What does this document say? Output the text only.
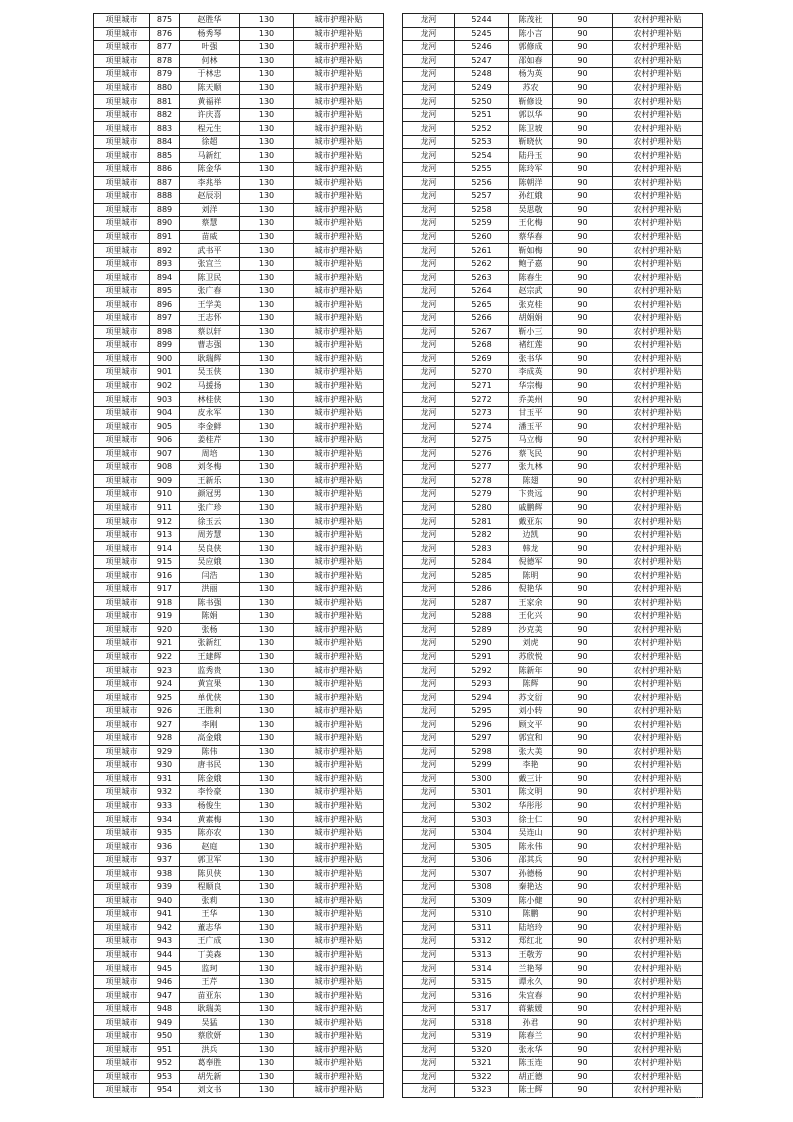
项里城市	875	赵胜华	130	城市护理补贴
项里城市	876	杨秀琴	130	城市护理补贴
项里城市	877	叶强	130	城市护理补贴
项里城市	878	何林	130	城市护理补贴
项里城市	879	于林忠	130	城市护理补贴
项里城市	880	陈天顺	130	城市护理补贴
项里城市	881	黄福祥	130	城市护理补贴
项里城市	882	许庆喜	130	城市护理补贴
项里城市	883	程元生	130	城市护理补贴
项里城市	884	徐超	130	城市护理补贴
项里城市	885	马新红	130	城市护理补贴
项里城市	886	陈金华	130	城市护理补贴
项里城市	887	李兆举	130	城市护理补贴
项里城市	888	赵辰羽	130	城市护理补贴
项里城市	889	刘洋	130	城市护理补贴
项里城市	890	蔡慧	130	城市护理补贴
项里城市	891	苗威	130	城市护理补贴
项里城市	892	武书平	130	城市护理补贴
项里城市	893	张宜兰	130	城市护理补贴
项里城市	894	陈卫民	130	城市护理补贴
项里城市	895	张广春	130	城市护理补贴
项里城市	896	王学美	130	城市护理补贴
项里城市	897	王志怀	130	城市护理补贴
项里城市	898	蔡以轩	130	城市护理补贴
项里城市	899	曹志强	130	城市护理补贴
项里城市	900	耿瑞辉	130	城市护理补贴
项里城市	901	吴玉侠	130	城市护理补贴
项里城市	902	马援扬	130	城市护理补贴
项里城市	903	林桂侠	130	城市护理补贴
项里城市	904	皮永军	130	城市护理补贴
项里城市	905	李金鲜	130	城市护理补贴
项里城市	906	姜桂芹	130	城市护理补贴
项里城市	907	周培	130	城市护理补贴
项里城市	908	刘冬梅	130	城市护理补贴
项里城市	909	王新乐	130	城市护理补贴
项里城市	910	颜冠男	130	城市护理补贴
项里城市	911	张广珍	130	城市护理补贴
项里城市	912	徐玉云	130	城市护理补贴
项里城市	913	周芳慧	130	城市护理补贴
项里城市	914	吴良侠	130	城市护理补贴
项里城市	915	吴应娥	130	城市护理补贴
项里城市	916	闫浩	130	城市护理补贴
项里城市	917	洪丽	130	城市护理补贴
项里城市	918	陈书强	130	城市护理补贴
项里城市	919	陈娟	130	城市护理补贴
项里城市	920	张杨	130	城市护理补贴
项里城市	921	张新红	130	城市护理补贴
项里城市	922	王建辉	130	城市护理补贴
项里城市	923	监秀贵	130	城市护理补贴
项里城市	924	黄宜果	130	城市护理补贴
项里城市	925	单优侠	130	城市护理补贴
项里城市	926	王胜利	130	城市护理补贴
项里城市	927	李刚	130	城市护理补贴
项里城市	928	高金娥	130	城市护理补贴
项里城市	929	陈伟	130	城市护理补贴
项里城市	930	唐书民	130	城市护理补贴
项里城市	931	陈金娥	130	城市护理补贴
项里城市	932	李怜豪	130	城市护理补贴
项里城市	933	杨俊生	130	城市护理补贴
项里城市	934	黄素梅	130	城市护理补贴
项里城市	935	陈亦农	130	城市护理补贴
项里城市	936	赵庭	130	城市护理补贴
项里城市	937	郭卫军	130	城市护理补贴
项里城市	938	陈贝侠	130	城市护理补贴
项里城市	939	程顺良	130	城市护理补贴
项里城市	940	张莉	130	城市护理补贴
项里城市	941	王华	130	城市护理补贴
项里城市	942	董志华	130	城市护理补贴
项里城市	943	王广成	130	城市护理补贴
项里城市	944	丁美森	130	城市护理补贴
项里城市	945	监珂	130	城市护理补贴
项里城市	946	王芹	130	城市护理补贴
项里城市	947	苗亚东	130	城市护理补贴
项里城市	948	耿瑞美	130	城市护理补贴
项里城市	949	吴猛	130	城市护理补贴
项里城市	950	蔡欣妍	130	城市护理补贴
项里城市	951	洪兵	130	城市护理补贴
项里城市	952	葛奉胜	130	城市护理补贴
项里城市	953	胡先新	130	城市护理补贴
项里城市	954	刘文书	130	城市护理补贴
龙河	5244	陈茂社	90	农村护理补贴
龙河	5245	陈小言	90	农村护理补贴
龙河	5246	郭修成	90	农村护理补贴
龙河	5247	邵如春	90	农村护理补贴
龙河	5248	杨为英	90	农村护理补贴
龙河	5249	苏农	90	农村护理补贴
龙河	5250	靳修设	90	农村护理补贴
龙河	5251	郭以华	90	农村护理补贴
龙河	5252	陈卫坡	90	农村护理补贴
龙河	5253	靳晓伙	90	农村护理补贴
龙河	5254	陆丹玉	90	农村护理补贴
龙河	5255	陈玲军	90	农村护理补贴
龙河	5256	陈朝洋	90	农村护理补贴
龙河	5257	孙红娥	90	农村护理补贴
龙河	5258	吴思敬	90	农村护理补贴
龙河	5259	王化梅	90	农村护理补贴
龙河	5260	蔡华春	90	农村护理补贴
龙河	5261	靳如梅	90	农村护理补贴
龙河	5262	鲍子嘉	90	农村护理补贴
龙河	5263	陈春生	90	农村护理补贴
龙河	5264	赵宗武	90	农村护理补贴
龙河	5265	张克桂	90	农村护理补贴
龙河	5266	胡娟娟	90	农村护理补贴
龙河	5267	靳小三	90	农村护理补贴
龙河	5268	褚红莲	90	农村护理补贴
龙河	5269	张书华	90	农村护理补贴
龙河	5270	李成英	90	农村护理补贴
龙河	5271	华宗梅	90	农村护理补贴
龙河	5272	乔美州	90	农村护理补贴
龙河	5273	甘玉平	90	农村护理补贴
龙河	5274	潘玉平	90	农村护理补贴
龙河	5275	马立梅	90	农村护理补贴
龙河	5276	蔡飞民	90	农村护理补贴
龙河	5277	张九林	90	农村护理补贴
龙河	5278	陈翅	90	农村护理补贴
龙河	5279	卞贵远	90	农村护理补贴
龙河	5280	戚鹏辉	90	农村护理补贴
龙河	5281	戴亚东	90	农村护理补贴
龙河	5282	边凯	90	农村护理补贴
龙河	5283	韩龙	90	农村护理补贴
龙河	5284	倪德军	90	农村护理补贴
龙河	5285	陈明	90	农村护理补贴
龙河	5286	倪艳华	90	农村护理补贴
龙河	5287	王家余	90	农村护理补贴
龙河	5288	王化兴	90	农村护理补贴
龙河	5289	沙克美	90	农村护理补贴
龙河	5290	刘虎	90	农村护理补贴
龙河	5291	苏欣悦	90	农村护理补贴
龙河	5292	陈新年	90	农村护理补贴
龙河	5293	陈辉	90	农村护理补贴
龙河	5294	苏文衍	90	农村护理补贴
龙河	5295	刘小转	90	农村护理补贴
龙河	5296	顾文平	90	农村护理补贴
龙河	5297	郭宜和	90	农村护理补贴
龙河	5298	张大美	90	农村护理补贴
龙河	5299	李艳	90	农村护理补贴
龙河	5300	戴三计	90	农村护理补贴
龙河	5301	陈文明	90	农村护理补贴
龙河	5302	华彤彤	90	农村护理补贴
龙河	5303	徐士仁	90	农村护理补贴
龙河	5304	吴连山	90	农村护理补贴
龙河	5305	陈永伟	90	农村护理补贴
龙河	5306	邵其兵	90	农村护理补贴
龙河	5307	孙德杨	90	农村护理补贴
龙河	5308	秦艳达	90	农村护理补贴
龙河	5309	陈小健	90	农村护理补贴
龙河	5310	陈鹏	90	农村护理补贴
龙河	5311	陆培玲	90	农村护理补贴
龙河	5312	郑红北	90	农村护理补贴
龙河	5313	王敬芳	90	农村护理补贴
龙河	5314	兰艳琴	90	农村护理补贴
龙河	5315	谭永久	90	农村护理补贴
龙河	5316	朱宜春	90	农村护理补贴
龙河	5317	蒋紫媛	90	农村护理补贴
龙河	5318	孙君	90	农村护理补贴
龙河	5319	陈春兰	90	农村护理补贴
龙河	5320	张永华	90	农村护理补贴
龙河	5321	陈玉连	90	农村护理补贴
龙河	5322	胡正德	90	农村护理补贴
龙河	5323	陈士辉	90	农村护理补贴
…
